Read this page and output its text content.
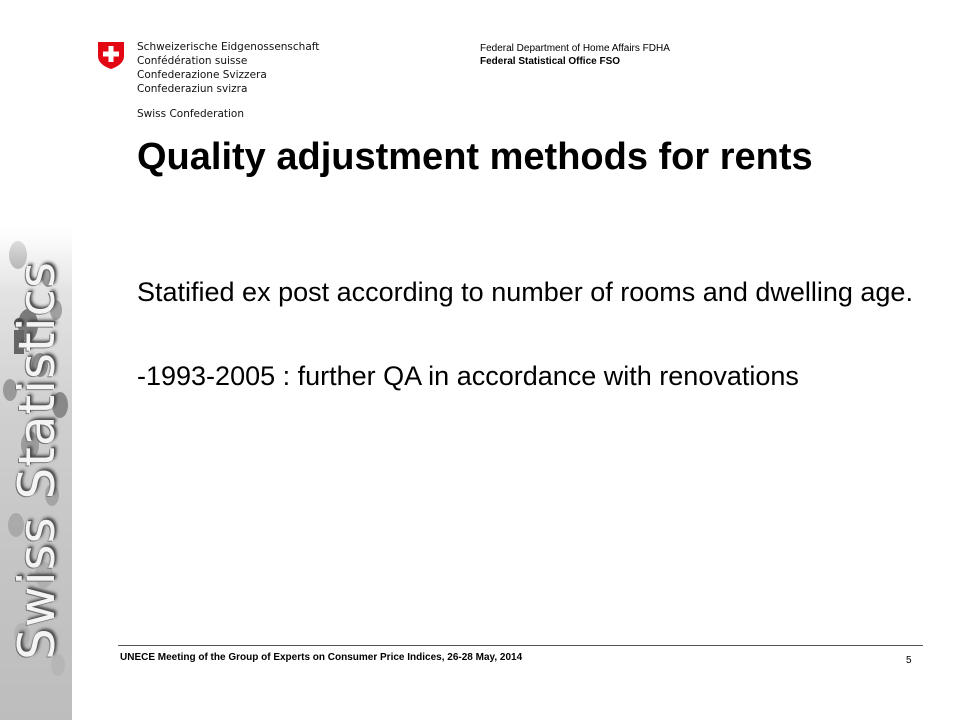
Swiss Statistics
Schweizerische Eidgenossenschaft
Confédération suisse
Confederazione Svizzera
Confederaziun svizra
Swiss Confederation
Federal Department of Home Affairs FDHA
Federal Statistical Office FSO
Quality adjustment methods for rents
Statified ex post according to number of rooms and dwelling age.
-1993-2005 : further QA in accordance with renovations
UNECE Meeting of the Group of Experts on Consumer Price Indices, 26-28 May, 2014	5
